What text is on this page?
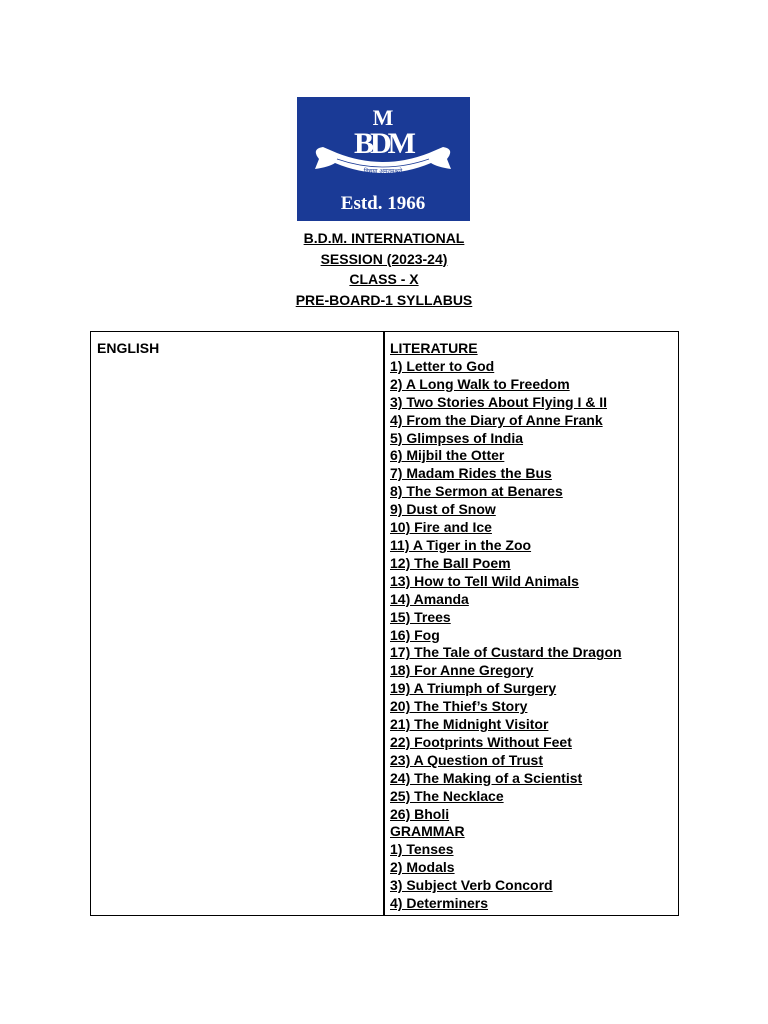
M
BDM
विद्यया अमृतमश्नुते
Estd. 1966
B.D.M. INTERNATIONAL
SESSION (2023-24)
CLASS - X
PRE-BOARD-1 SYLLABUS
ENGLISH	LITERATURE
1) Letter to God
2) A Long Walk to Freedom
3) Two Stories About Flying I & II
4) From the Diary of Anne Frank
5) Glimpses of India
6) Mijbil the Otter
7) Madam Rides the Bus
8) The Sermon at Benares
9) Dust of Snow
10) Fire and Ice
11) A Tiger in the Zoo
12) The Ball Poem
13) How to Tell Wild Animals
14) Amanda
15) Trees
16) Fog
17) The Tale of Custard the Dragon
18) For Anne Gregory
19) A Triumph of Surgery
20) The Thief’s Story
21) The Midnight Visitor
22) Footprints Without Feet
23) A Question of Trust
24) The Making of a Scientist
25) The Necklace
26) Bholi
GRAMMAR
1) Tenses
2) Modals
3) Subject Verb Concord
4) Determiners
